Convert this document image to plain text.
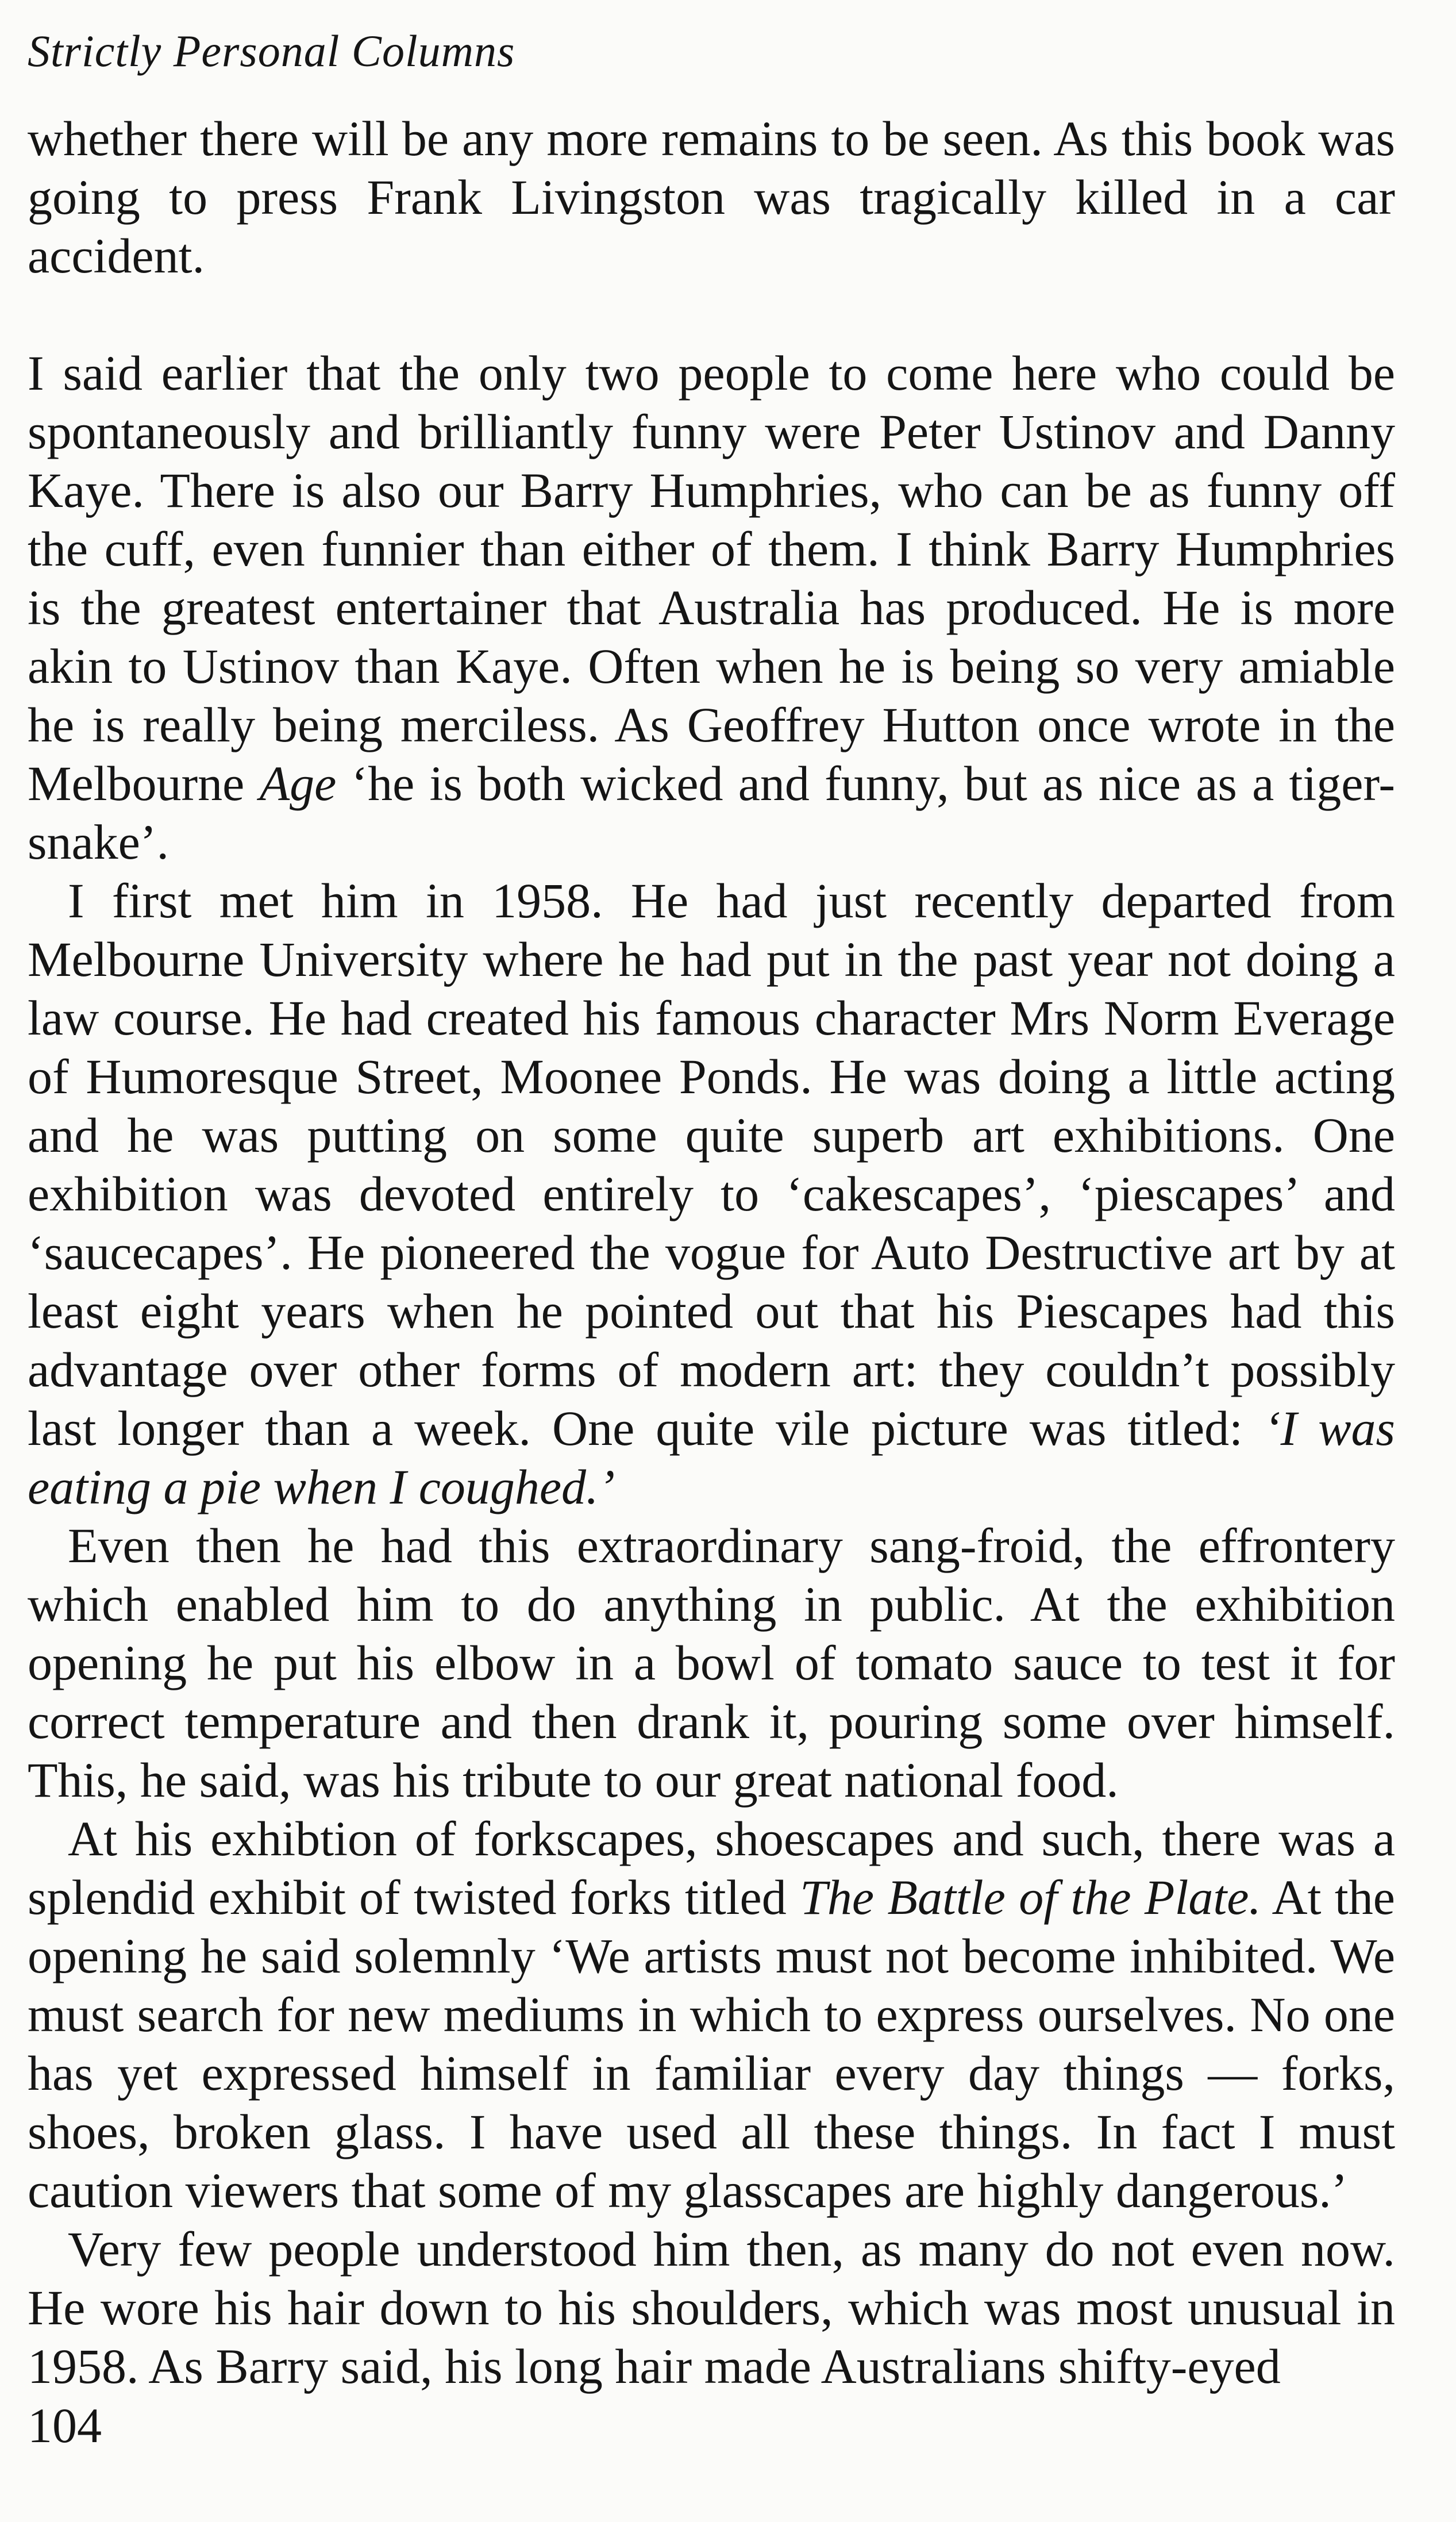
Strictly Personal Columns

whether there will be any more remains to be seen. As this book was going to press Frank Livingston was tragically killed in a car accident.

I said earlier that the only two people to come here who could be spontaneously and brilliantly funny were Peter Ustinov and Danny Kaye. There is also our Barry Humphries, who can be as funny off the cuff, even funnier than either of them. I think Barry Humphries is the greatest entertainer that Australia has produced. He is more akin to Ustinov than Kaye. Often when he is being so very amiable he is really being merciless. As Geoffrey Hutton once wrote in the Melbourne Age ‘he is both wicked and funny, but as nice as a tiger-snake’.

I first met him in 1958. He had just recently departed from Melbourne University where he had put in the past year not doing a law course. He had created his famous character Mrs Norm Everage of Humoresque Street, Moonee Ponds. He was doing a little acting and he was putting on some quite superb art exhibitions. One exhibition was devoted entirely to ‘cakescapes’, ‘piescapes’ and ‘saucecapes’. He pioneered the vogue for Auto Destructive art by at least eight years when he pointed out that his Piescapes had this advantage over other forms of modern art: they couldn’t possibly last longer than a week. One quite vile picture was titled: ‘I was eating a pie when I coughed.’

Even then he had this extraordinary sang-froid, the effrontery which enabled him to do anything in public. At the exhibition opening he put his elbow in a bowl of tomato sauce to test it for correct temperature and then drank it, pouring some over himself. This, he said, was his tribute to our great national food.

At his exhibtion of forkscapes, shoescapes and such, there was a splendid exhibit of twisted forks titled The Battle of the Plate. At the opening he said solemnly ‘We artists must not become inhibited. We must search for new mediums in which to express ourselves. No one has yet expressed himself in familiar every day things — forks, shoes, broken glass. I have used all these things. In fact I must caution viewers that some of my glasscapes are highly dangerous.’

Very few people understood him then, as many do not even now. He wore his hair down to his shoulders, which was most unusual in 1958. As Barry said, his long hair made Australians shifty-eyed

104
